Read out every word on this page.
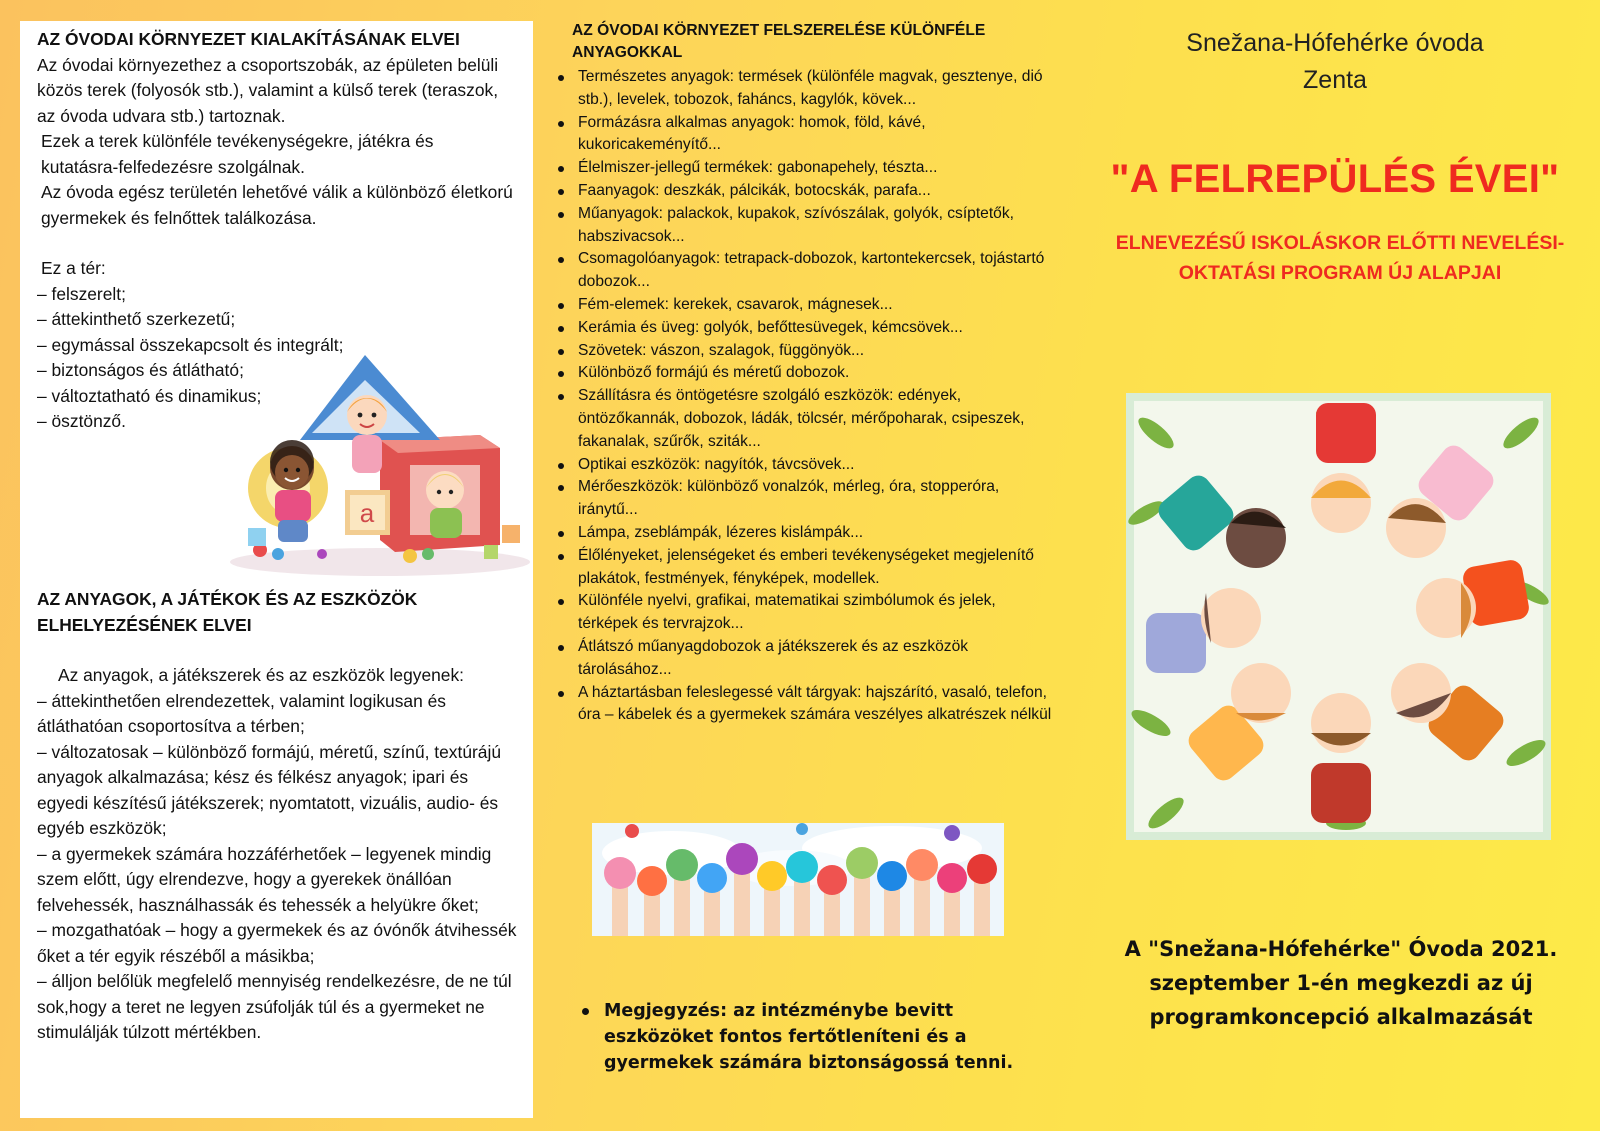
AZ ÓVODAI KÖRNYEZET KIALAKÍTÁSÁNAK ELVEI

Az óvodai környezethez a csoportszobák, az épületen belüli közös terek (folyosók stb.), valamint a külső terek (teraszok, az óvoda udvara stb.) tartoznak.

Ezek a terek különféle tevékenységekre, játékra és kutatásra-felfedezésre szolgálnak.

Az óvoda egész területén lehetővé válik a különböző életkorú gyermekek és felnőttek találkozása.

Ez a tér:

– felszerelt;
– áttekinthető szerkezetű;
– egymással összekapcsolt és integrált;
– biztonságos és átlátható;
– változtatható és dinamikus;
– ösztönző.
AZ ANYAGOK, A JÁTÉKOK ÉS AZ ESZKÖZÖK ELHELYEZÉSÉNEK ELVEI

Az anyagok, a játékszerek és az eszközök legyenek:

– áttekinthetően elrendezettek, valamint logikusan és átláthatóan csoportosítva a térben;
– változatosak – különböző formájú, méretű, színű, textúrájú anyagok alkalmazása; kész és félkész anyagok; ipari és egyedi készítésű játékszerek; nyomtatott, vizuális, audio- és egyéb eszközök;
– a gyermekek számára hozzáférhetőek – legyenek mindig szem előtt, úgy elrendezve, hogy a gyerekek önállóan felvehessék, használhassák és tehessék a helyükre őket;
– mozgathatóak – hogy a gyermekek és az óvónők átvihessék őket a tér egyik részéből a másikba;
– álljon belőlük megfelelő mennyiség rendelkezésre, de ne túl sok,hogy a teret ne legyen zsúfolják túl és a gyermeket ne stimulálják túlzott mértékben.
a
AZ ÓVODAI KÖRNYEZET FELSZERELÉSE KÜLÖNFÉLE ANYAGOKKAL
Természetes anyagok: termések (különféle magvak, gesztenye, dió stb.), levelek, tobozok, faháncs, kagylók, kövek...
Formázásra alkalmas anyagok: homok, föld, kávé, kukoricakeményítő...
Élelmiszer-jellegű termékek: gabonapehely, tészta...
Faanyagok: deszkák, pálcikák, botocskák, parafa...
Műanyagok: palackok, kupakok, szívószálak, golyók, csíptetők, habszivacsok...
Csomagolóanyagok: tetrapack-dobozok, kartontekercsek, tojástartó dobozok...
Fém-elemek: kerekek, csavarok, mágnesek...
Kerámia és üveg: golyók, befőttesüvegek, kémcsövek...
Szövetek: vászon, szalagok, függönyök...
Különböző formájú és méretű dobozok.
Szállításra és öntögetésre szolgáló eszközök: edények, öntözőkannák, dobozok, ládák, tölcsér, mérőpoharak, csipeszek, fakanalak, szűrők, sziták...
Optikai eszközök: nagyítók, távcsövek...
Mérőeszközök: különböző vonalzók, mérleg, óra, stopperóra, iránytű...
Lámpa, zseblámpák, lézeres kislámpák...
Élőlényeket, jelenségeket és emberi tevékenységeket megjelenítő plakátok, festmények, fényképek, modellek.
Különféle nyelvi, grafikai, matematikai szimbólumok és jelek, térképek és tervrajzok...
Átlátszó műanyagdobozok a játékszerek és az eszközök tárolásához...
A háztartásban feleslegessé vált tárgyak: hajszárító, vasaló, telefon, óra – kábelek és a gyermekek számára veszélyes alkatrészek nélkül

Megjegyzés: az intézménybe bevitt eszközöket fontos fertőtleníteni és a gyermekek számára biztonságossá tenni.

Snežana-Hófehérke óvoda
Zenta
"A FELREPÜLÉS ÉVEI"
ELNEVEZÉSŰ ISKOLÁSKOR ELŐTTI NEVELÉSI-OKTATÁSI PROGRAM ÚJ ALAPJAI

A "Snežana-Hófehérke" Óvoda 2021. szeptember 1-én megkezdi az új programkoncepció alkalmazását
